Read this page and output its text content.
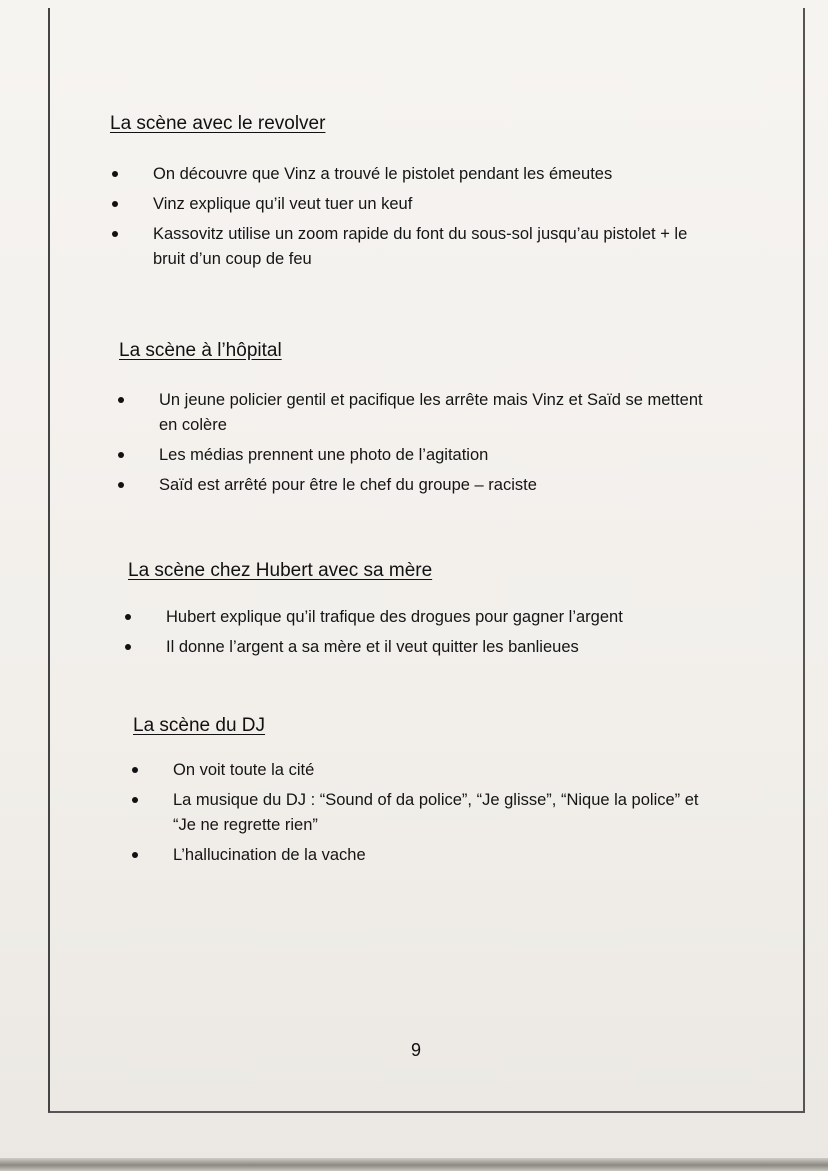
La scène avec le revolver
On découvre que Vinz a trouvé le pistolet pendant les émeutes
Vinz explique qu’il veut tuer un keuf
Kassovitz utilise un zoom rapide du font du sous-sol jusqu’au pistolet + le bruit d’un coup de feu
La scène à l’hôpital
Un jeune policier gentil et pacifique les arrête mais Vinz et Saïd se mettent en colère
Les médias prennent une photo de l’agitation
Saïd est arrêté pour être le chef du groupe – raciste
La scène chez Hubert avec sa mère
Hubert explique qu’il trafique des drogues pour gagner l’argent
Il donne l’argent a sa mère et il veut quitter les banlieues
La scène du DJ
On voit toute la cité
La musique du DJ : “Sound of da police”, “Je glisse”, “Nique la police” et “Je ne regrette rien”
L’hallucination de la vache

9
